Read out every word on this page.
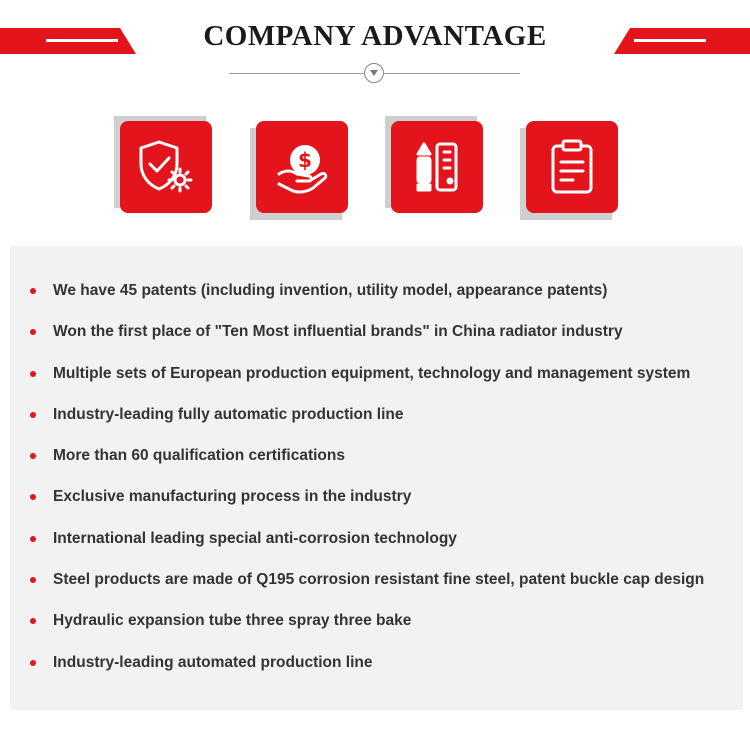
COMPANY ADVANTAGE
$
We have 45 patents (including invention, utility model, appearance patents)
Won the first place of "Ten Most influential brands" in China radiator industry
Multiple sets of European production equipment, technology and management system
Industry-leading fully automatic production line
More than 60 qualification certifications
Exclusive manufacturing process in the industry
International leading special anti-corrosion technology
Steel products are made of Q195 corrosion resistant fine steel, patent buckle cap design
Hydraulic expansion tube three spray three bake
Industry-leading automated production line
